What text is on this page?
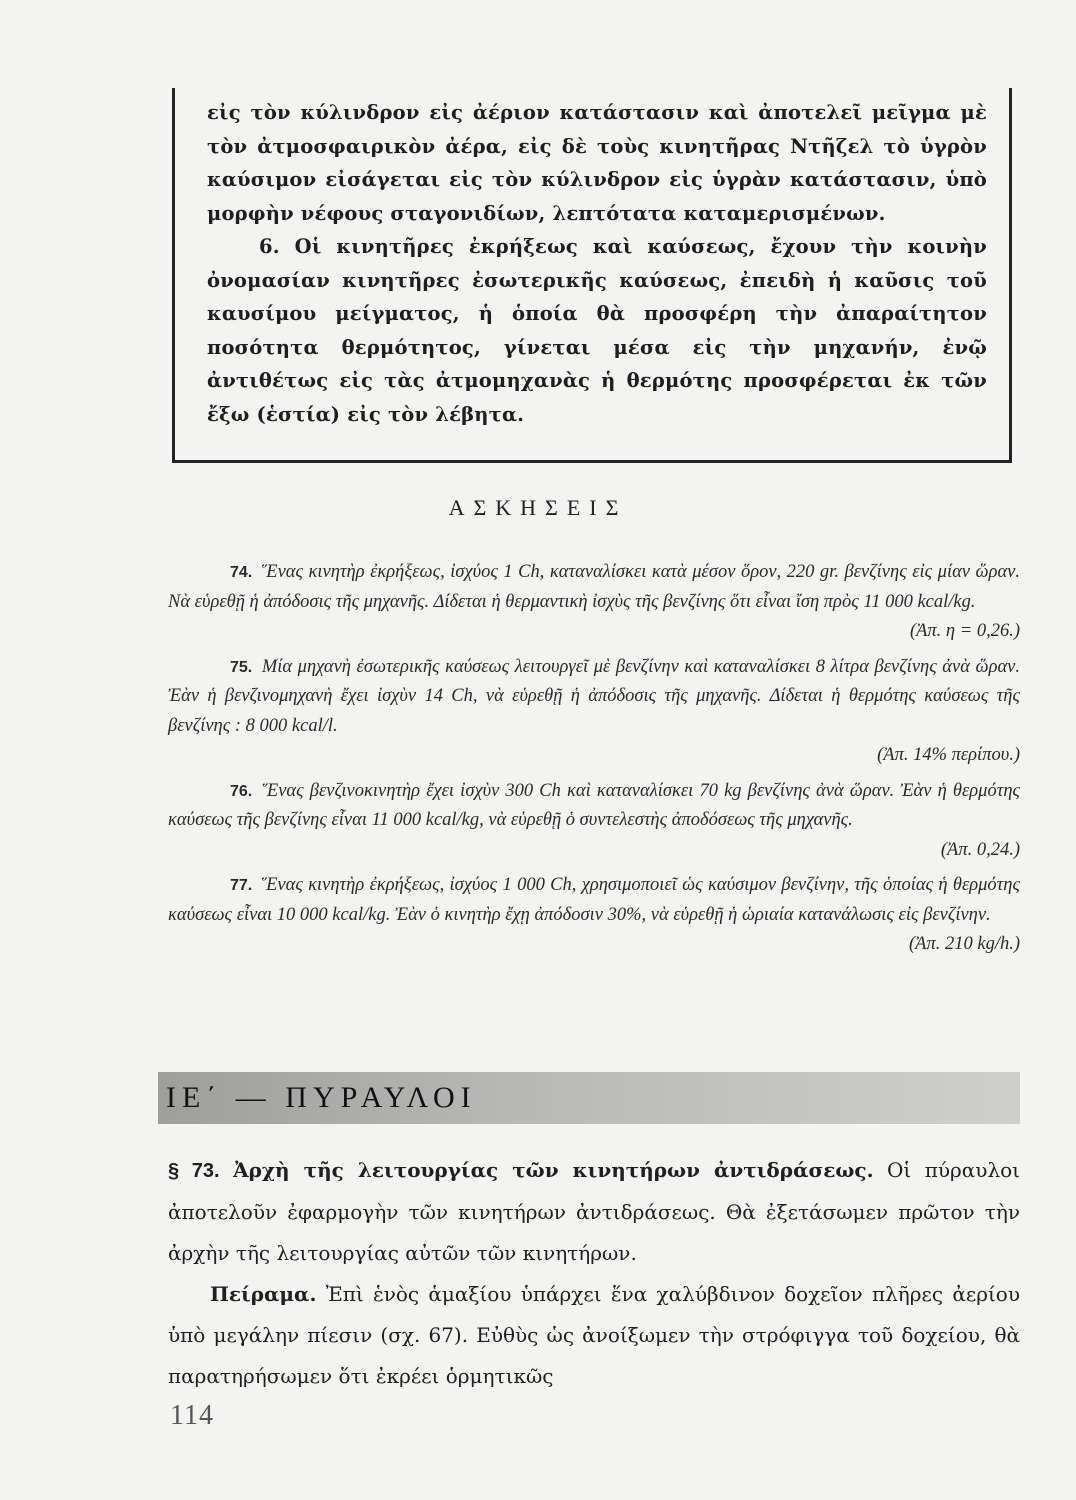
εἰς τὸν κύλινδρον εἰς ἀέριον κατάστασιν καὶ ἀποτελεῖ μεῖγμα μὲ τὸν ἀτμοσφαιρικὸν ἀέρα, εἰς δὲ τοὺς κινητῆρας Ντῆζελ τὸ ὑγρὸν καύσιμον εἰσάγεται εἰς τὸν κύλινδρον εἰς ὑγρὰν κατάστασιν, ὑπὸ μορφὴν νέφους σταγονιδίων, λεπτότατα καταμερισμένων.

6. Οἱ κινητῆρες ἐκρήξεως καὶ καύσεως, ἔχουν τὴν κοινὴν ὀνομασίαν κινητῆρες ἐσωτερικῆς καύσεως, ἐπειδὴ ἡ καῦσις τοῦ καυσίμου μείγματος, ἡ ὁποία θὰ προσφέρη τὴν ἀπαραίτητον ποσότητα θερμότητος, γίνεται μέσα εἰς τὴν μηχανήν, ἐνῷ ἀντιθέτως εἰς τὰς ἀτμομηχανὰς ἡ θερμότης προσφέρεται ἐκ τῶν ἔξω (ἑστία) εἰς τὸν λέβητα.

ΑΣΚΗΣΕΙΣ

74. Ἕνας κινητὴρ ἐκρήξεως, ἰσχύος 1 Ch, καταναλίσκει κατὰ μέσον ὅρον, 220 gr. βενζίνης εἰς μίαν ὥραν. Νὰ εὑρεθῇ ἡ ἀπόδοσις τῆς μηχανῆς. Δίδεται ἡ θερμαντικὴ ἰσχὺς τῆς βενζίνης ὅτι εἶναι ἴση πρὸς 11 000 kcal/kg.
(Ἀπ. η = 0,26.)

75. Μία μηχανὴ ἐσωτερικῆς καύσεως λειτουργεῖ μὲ βενζίνην καὶ καταναλίσκει 8 λίτρα βενζίνης ἀνὰ ὥραν. Ἐὰν ἡ βενζινομηχανὴ ἔχει ἰσχὺν 14 Ch, νὰ εὑρεθῇ ἡ ἀπόδοσις τῆς μηχανῆς. Δίδεται ἡ θερμότης καύσεως τῆς βενζίνης : 8 000 kcal/l.
(Ἀπ. 14% περίπου.)

76. Ἕνας βενζινοκινητὴρ ἔχει ἰσχὺν 300 Ch καὶ καταναλίσκει 70 kg βενζίνης ἀνὰ ὥραν. Ἐὰν ἡ θερμότης καύσεως τῆς βενζίνης εἶναι 11 000 kcal/kg, νὰ εὑρεθῇ ὁ συντελεστὴς ἀποδόσεως τῆς μηχανῆς.
(Ἀπ. 0,24.)

77. Ἕνας κινητὴρ ἐκρήξεως, ἰσχύος 1 000 Ch, χρησιμοποιεῖ ὡς καύσιμον βενζίνην, τῆς ὁποίας ἡ θερμότης καύσεως εἶναι 10 000 kcal/kg. Ἐὰν ὁ κινητὴρ ἔχῃ ἀπόδοσιν 30%, νὰ εὑρεθῇ ἡ ὡριαία κατανάλωσις εἰς βενζίνην.
(Ἀπ. 210 kg/h.)

ΙΕ΄ — ΠΥΡΑΥΛΟΙ

§ 73. Ἀρχὴ τῆς λειτουργίας τῶν κινητήρων ἀντιδράσεως. Οἱ πύραυλοι ἀποτελοῦν ἐφαρμογὴν τῶν κινητήρων ἀντιδράσεως. Θὰ ἐξετάσωμεν πρῶτον τὴν ἀρχὴν τῆς λειτουργίας αὐτῶν τῶν κινητήρων.

Πείραμα. Ἐπὶ ἑνὸς ἁμαξίου ὑπάρχει ἕνα χαλύβδινον δοχεῖον πλῆρες ἀερίου ὑπὸ μεγάλην πίεσιν (σχ. 67). Εὐθὺς ὡς ἀνοίξωμεν τὴν στρόφιγγα τοῦ δοχείου, θὰ παρατηρήσωμεν ὅτι ἐκρέει ὁρμητικῶς

114
